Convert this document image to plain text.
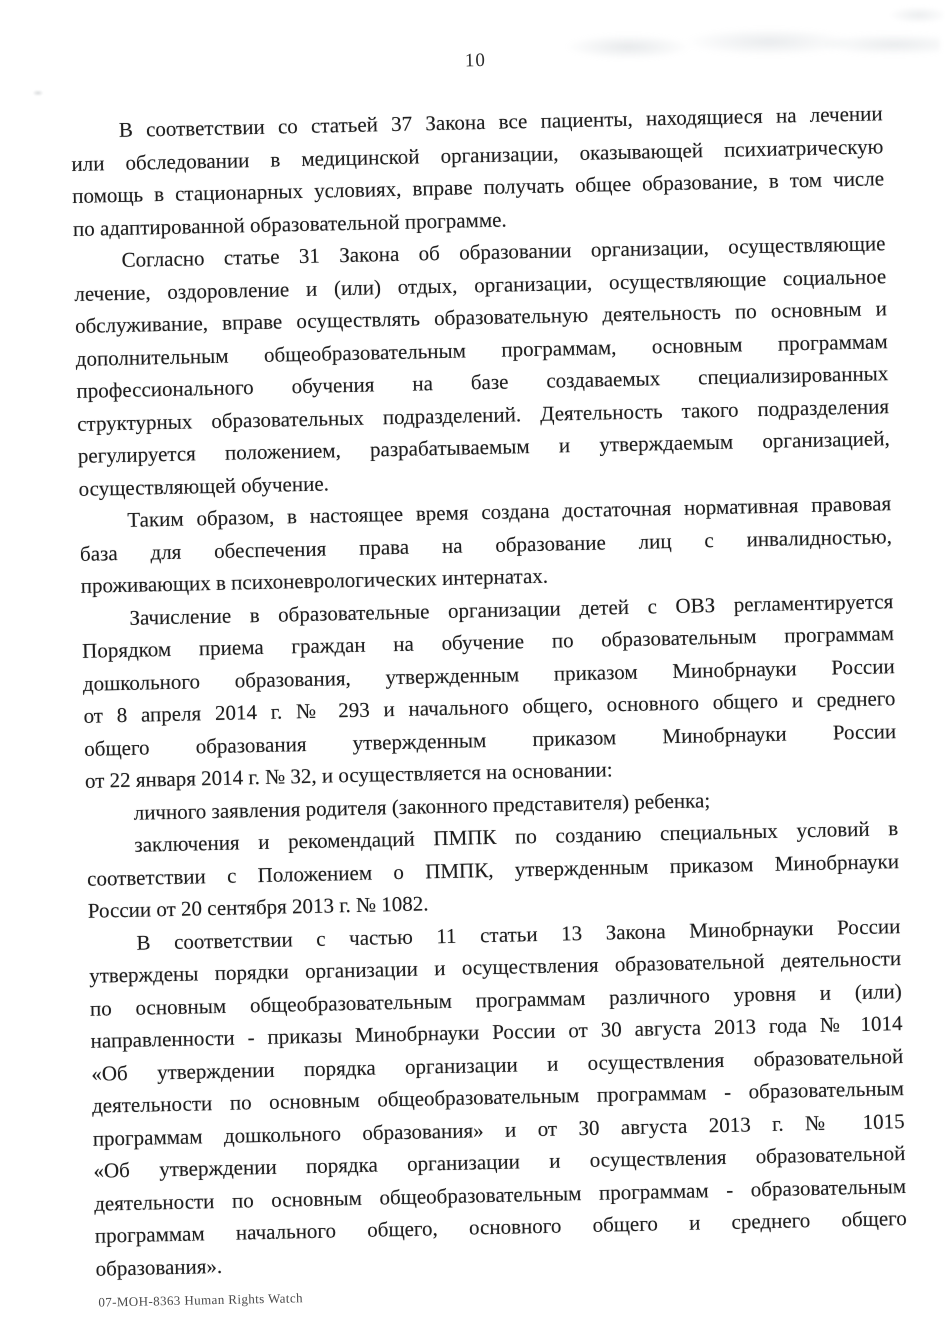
10
В соответствии со статьей 37 Закона все пациенты, находящиеся на лечении
или обследовании в медицинской организации, оказывающей психиатрическую
помощь в стационарных условиях, вправе получать общее образование, в том числе
по адаптированной образовательной программе.
Согласно статье 31 Закона об образовании организации, осуществляющие
лечение, оздоровление и (или) отдых, организации, осуществляющие социальное
обслуживание, вправе осуществлять образовательную деятельность по основным и
дополнительным общеобразовательным программам, основным программам
профессионального обучения на базе создаваемых специализированных
структурных образовательных подразделений. Деятельность такого подразделения
регулируется положением, разрабатываемым и утверждаемым организацией,
осуществляющей обучение.
Таким образом, в настоящее время создана достаточная нормативная правовая
база для обеспечения права на образование лиц с инвалидностью,
проживающих в психоневрологических интернатах.
Зачисление в образовательные организации детей с ОВЗ регламентируется
Порядком приема граждан на обучение по образовательным программам
дошкольного образования, утвержденным приказом Минобрнауки России
от 8 апреля 2014 г. № 293 и начального общего, основного общего и среднего
общего образования утвержденным приказом Минобрнауки России
от 22 января 2014 г. № 32, и осуществляется на основании:
личного заявления родителя (законного представителя) ребенка;
заключения и рекомендаций ПМПК по созданию специальных условий в
соответствии с Положением о ПМПК, утвержденным приказом Минобрнауки
России от 20 сентября 2013 г. № 1082.
В соответствии с частью 11 статьи 13 Закона Минобрнауки России
утверждены порядки организации и осуществления образовательной деятельности
по основным общеобразовательным программам различного уровня и (или)
направленности - приказы Минобрнауки России от 30 августа 2013 года № 1014
«Об утверждении порядка организации и осуществления образовательной
деятельности по основным общеобразовательным программам - образовательным
программам дошкольного образования» и от 30 августа 2013 г. № 1015
«Об утверждении порядка организации и осуществления образовательной
деятельности по основным общеобразовательным программам - образовательным
программам начального общего, основного общего и среднего общего
образования».
07-MOH-8363 Human Rights Watch
